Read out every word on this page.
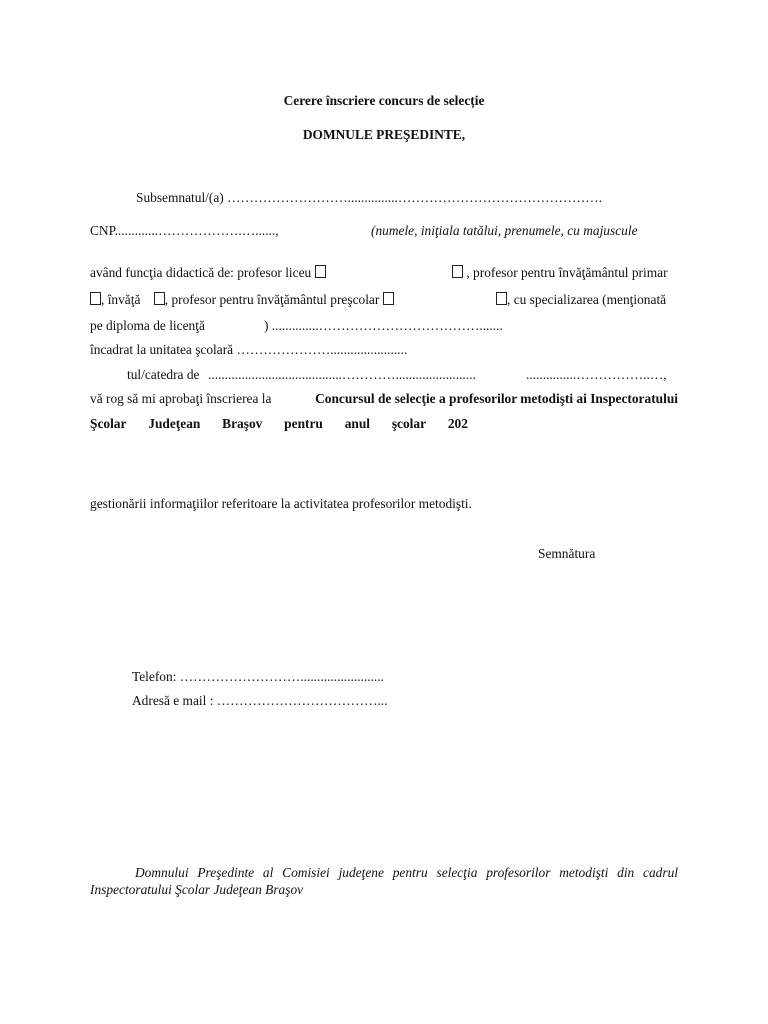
Cerere înscriere concurs de selecție
DOMNULE PREŞEDINTE,
Subsemnatul/(a) ………………………...............……………………………………….
CNP.............……………….…......,	(numele, iniţiala tatălui, prenumele, cu majuscule
având funcţia didactică de: profesor liceu	, profesor pentru învăţământul primar
, învăţă , profesor pentru învăţământul preşcolar	, cu specializarea (menţionată
pe diploma de licenţă	) ..............……………………………….......
încadrat la unitatea şcolară ………………….......................
tul/catedra de ........................................…………........................	...............……………..…,
vă rog să mi aprobaţi înscrierea la	Concursul de selecţie a profesorilor metodişti ai Inspectoratului
Şcolar Judeţean Braşov pentru anul şcolar 202
gestionării informaţiilor referitoare la activitatea profesorilor metodişti.
Semnătura
Telefon: ……………………….........................
Adresă e mail : ………………………………...
Domnului Preşedinte al Comisiei judeţene pentru selecţia profesorilor metodişti din cadrul
Inspectoratului Şcolar Judeţean Braşov
